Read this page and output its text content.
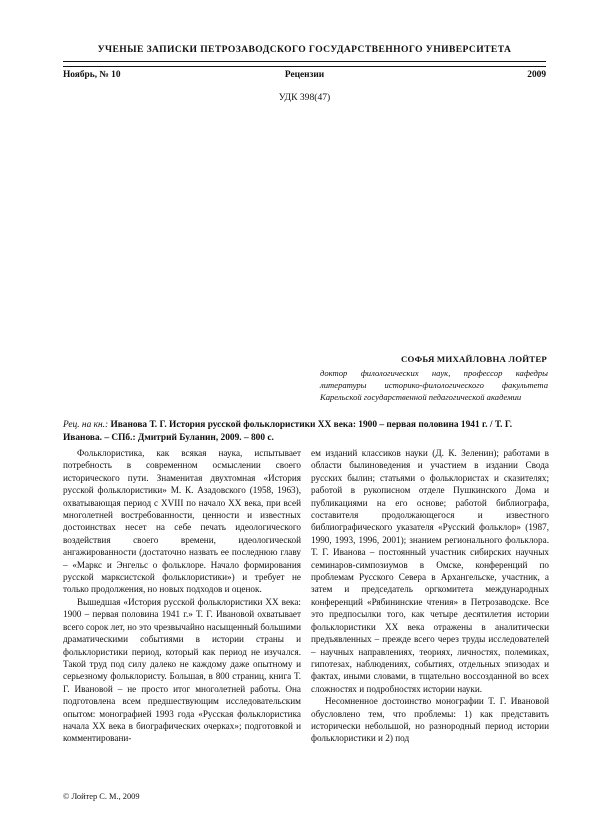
УЧЕНЫЕ ЗАПИСКИ ПЕТРОЗАВОДСКОГО ГОСУДАРСТВЕННОГО УНИВЕРСИТЕТА
Ноябрь, № 10	Рецензии	2009
УДК 398(47)
СОФЬЯ МИХАЙЛОВНА ЛОЙТЕР
доктор филологических наук, профессор кафедры литературы историко-филологического факультета Карельской государственной педагогической академии
Рец. на кн.: Иванова Т. Г. История русской фольклористики XX века: 1900 – первая половина 1941 г. / Т. Г. Иванова. – СПб.: Дмитрий Буланин, 2009. – 800 с.

Фольклористика, как всякая наука, испытывает потребность в современном осмыслении своего исторического пути. Знаменитая двухтомная «История русской фольклористики» М. К. Азадовского (1958, 1963), охватывающая период с XVIII по начало XX века, при всей многолетней востребованности, ценности и известных достоинствах несет на себе печать идеологического воздействия своего времени, идеологической ангажированности (достаточно назвать ее последнюю главу – «Маркс и Энгельс о фольклоре. Начало формирования русской марксистской фольклористики») и требует не только продолжения, но новых подходов и оценок.

Вышедшая «История русской фольклористики XX века: 1900 – первая половина 1941 г.» Т. Г. Ивановой охватывает всего сорок лет, но это чрезвычайно насыщенный большими драматическими событиями в истории страны и фольклористики период, который как период не изучался. Такой труд под силу далеко не каждому даже опытному и серьезному фольклористу. Большая, в 800 страниц, книга Т. Г. Ивановой – не просто итог многолетней работы. Она подготовлена всем предшествующим исследовательским опытом: монографией 1993 года «Русская фольклористика начала XX века в биографических очерках»; подготовкой и комментировани-

ем изданий классиков науки (Д. К. Зеленин); работами в области былиноведения и участием в издании Свода русских былин; статьями о фольклористах и сказителях; работой в рукописном отделе Пушкинского Дома и публикациями на его основе; работой библиографа, составителя продолжающегося и известного библиографического указателя «Русский фольклор» (1987, 1990, 1993, 1996, 2001); знанием регионального фольклора. Т. Г. Иванова – постоянный участник сибирских научных семинаров-симпозиумов в Омске, конференций по проблемам Русского Севера в Архангельске, участник, а затем и председатель оргкомитета международных конференций «Рябининские чтения» в Петрозаводске. Все это предпосылки того, как четыре десятилетия истории фольклористики XX века отражены в аналитически предъявленных – прежде всего через труды исследователей – научных направлениях, теориях, личностях, полемиках, гипотезах, наблюдениях, событиях, отдельных эпизодах и фактах, иными словами, в тщательно воссозданной во всех сложностях и подробностях истории науки.

Несомненное достоинство монографии Т. Г. Ивановой обусловлено тем, что проблемы: 1) как представить исторически небольшой, но разнородный период истории фольклористики и 2) под

© Лойтер С. М., 2009
